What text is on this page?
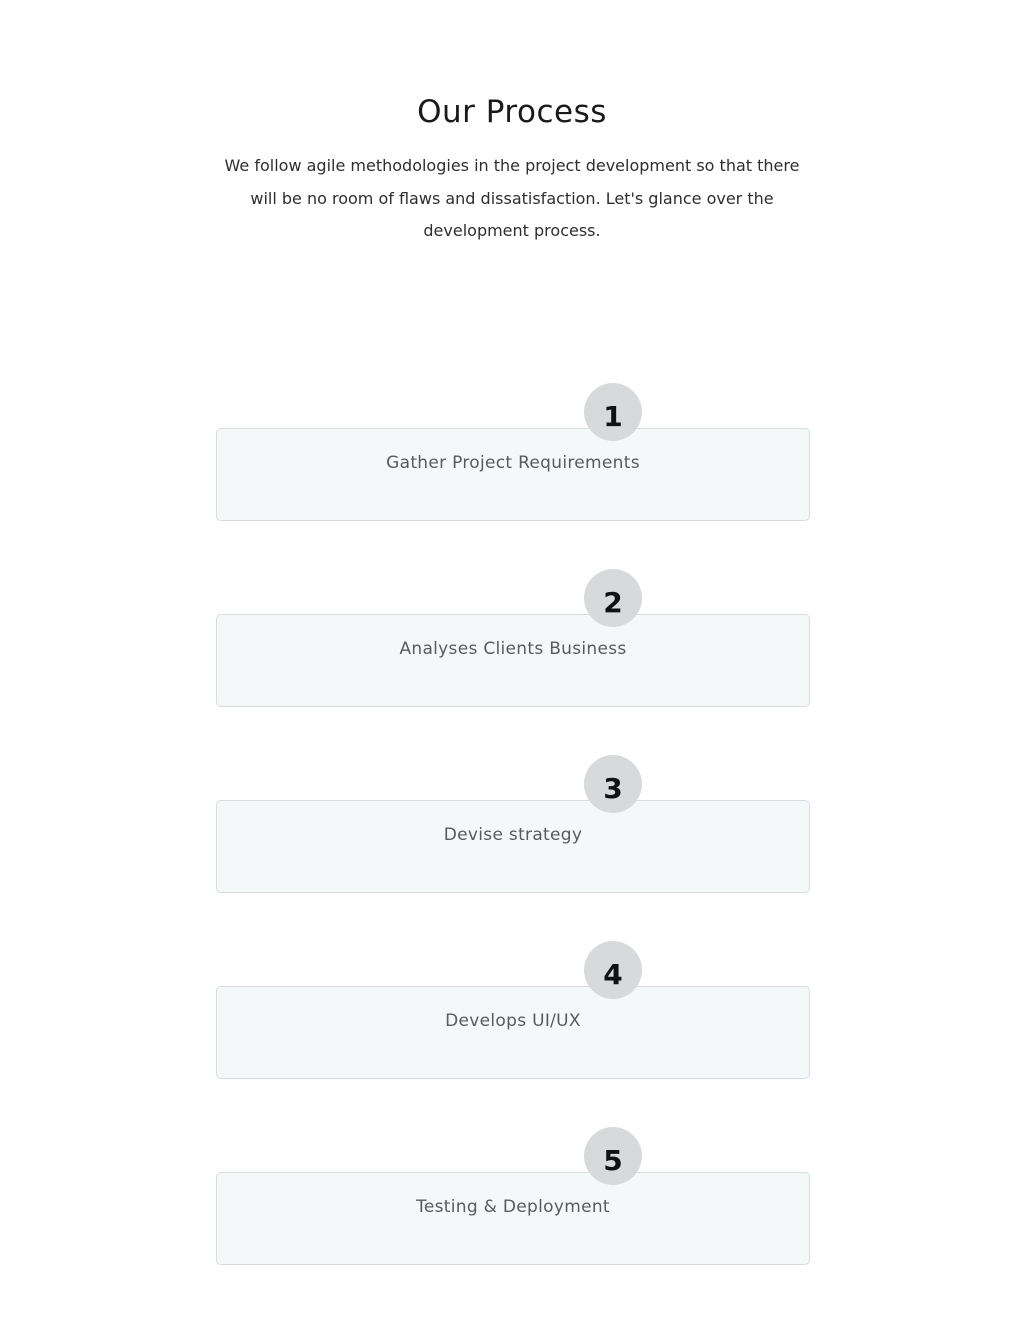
Our Process

We follow agile methodologies in the project development so that there will be no room of flaws and dissatisfaction. Let's glance over the development process.

1
Gather Project Requirements
2
Analyses Clients Business
3
Devise strategy
4
Develops UI/UX
5
Testing & Deployment
